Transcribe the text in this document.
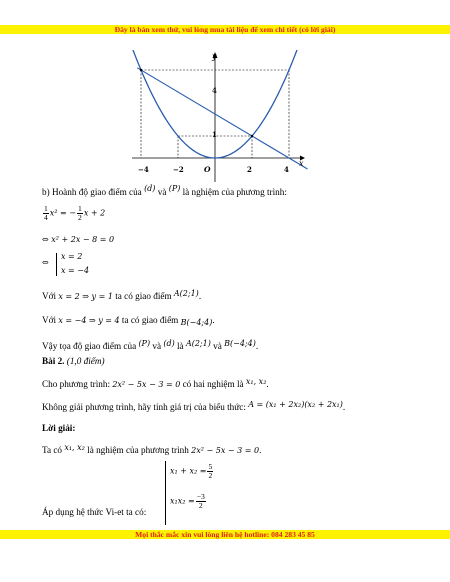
Đây là bản xem thử, vui lòng mua tài liệu để xem chi tiết (có lời giải)
y
x
O
−4	−2	2	4
4
1
b) Hoành độ giao điểm của (d) và (P) là nghiệm của phương trình:
$\frac{1}{4} x^2$ = − $\frac{1}{2}$ x + 2
⇔ x² + 2x − 8 = 0
⇔
x = 2
x = −4
Với x = 2 ⇒ y = 1 ta có giao điểm A(2;1).
Với x = −4 ⇒ y = 4 ta có giao điểm B(−4;4).
Vậy tọa độ giao điểm của (P) và (d) là A(2;1) và B(−4;4).
Bài 2. (1,0 điểm)
Cho phương trình: 2x² − 5x − 3 = 0 có hai nghiệm là x₁, x₂.
Không giải phương trình, hãy tính giá trị của biểu thức: A = (x₁ + 2x₂)(x₂ + 2x₁).
Lời giải:
Ta có x₁, x₂ là nghiệm của phương trình 2x² − 5x − 3 = 0.
$x_1 + x_2 = \frac{5}{2}$
$x_1x_2 = \frac{-3}{2}$
Áp dụng hệ thức Vi-et ta có:
Mọi thắc mắc xin vui lòng liên hệ hotline: 084 283 45 85
